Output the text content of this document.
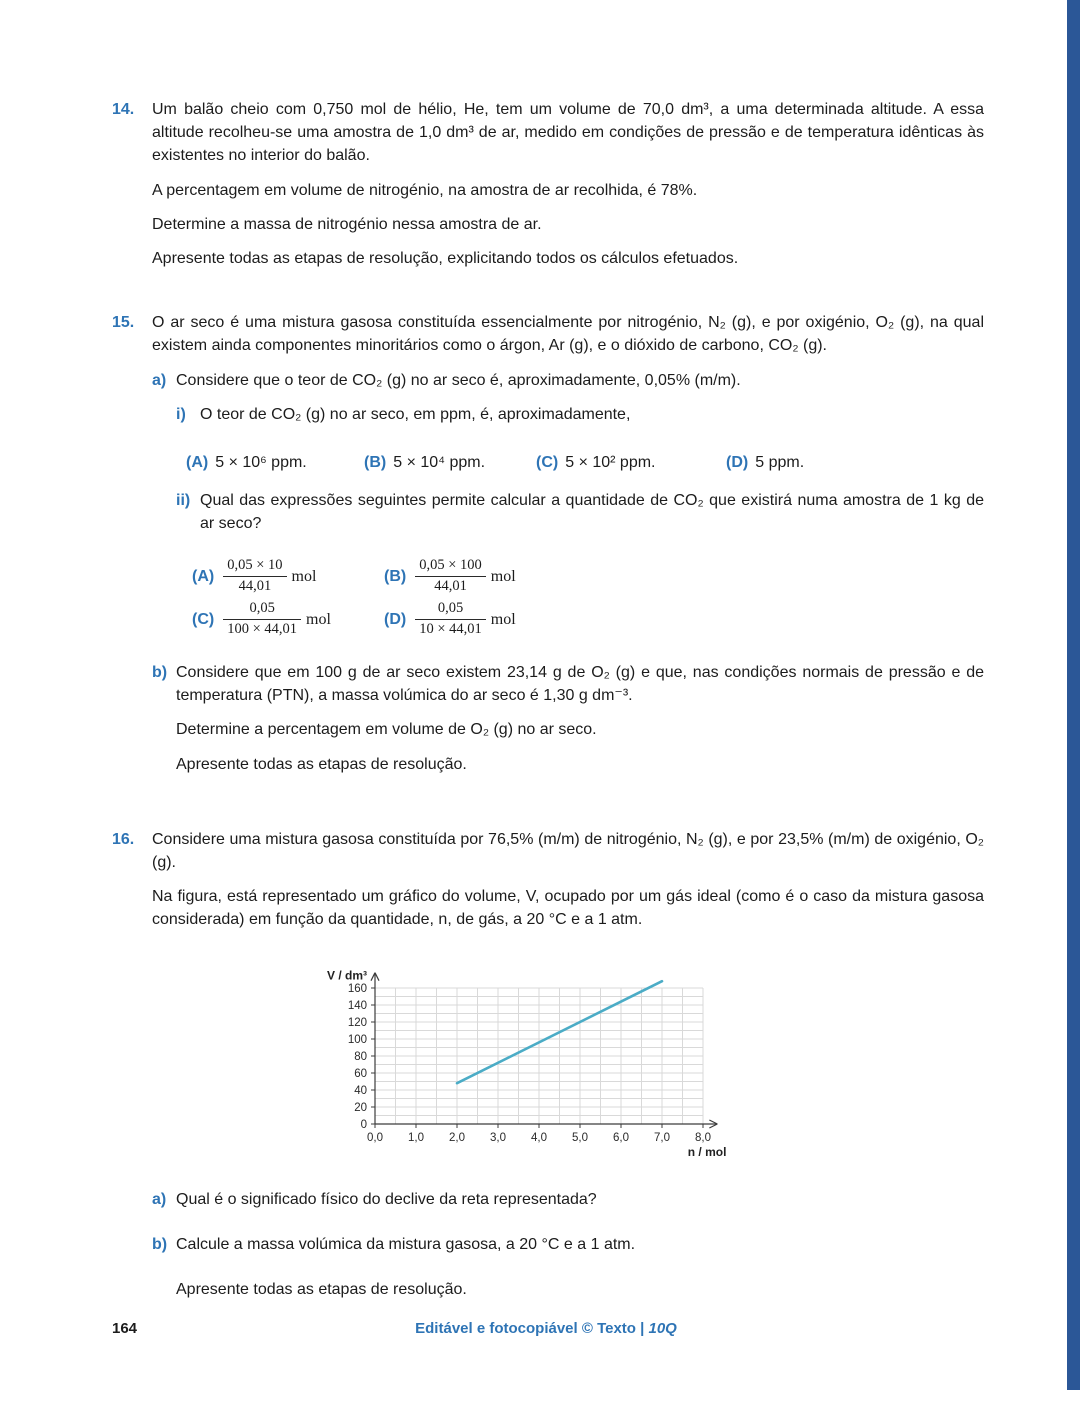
14.	Um balão cheio com 0,750 mol de hélio, He, tem um volume de 70,0 dm³, a uma determinada altitude. A essa altitude recolheu-se uma amostra de 1,0 dm³ de ar, medido em condições de pressão e de temperatura idênticas às existentes no interior do balão.

A percentagem em volume de nitrogénio, na amostra de ar recolhida, é 78%.

Determine a massa de nitrogénio nessa amostra de ar.

Apresente todas as etapas de resolução, explicitando todos os cálculos efetuados.

15.	O ar seco é uma mistura gasosa constituída essencialmente por nitrogénio, N₂ (g), e por oxigénio, O₂ (g), na qual existem ainda componentes minoritários como o árgon, Ar (g), e o dióxido de carbono, CO₂ (g).

a) Considere que o teor de CO₂ (g) no ar seco é, aproximadamente, 0,05% (m/m).

i) O teor de CO₂ (g) no ar seco, em ppm, é, aproximadamente,

(A) 5 × 10⁶ ppm.	(B) 5 × 10⁴ ppm.	(C) 5 × 10² ppm.	(D) 5 ppm.
ii) Qual das expressões seguintes permite calcular a quantidade de CO₂ que existirá numa amostra de 1 kg de ar seco?

$(A) \frac{0,05 \times 10}{44,01}$ mol	$(B) \frac{0,05 \times 100}{44,01}$ mol
$(C) \frac{0,05}{100 \times 44,01}$ mol	$(D) \frac{0,05}{10 \times 44,01}$ mol
b) Considere que em 100 g de ar seco existem 23,14 g de O₂ (g) e que, nas condições normais de pressão e de temperatura (PTN), a massa volúmica do ar seco é 1,30 g dm⁻³.

Determine a percentagem em volume de O₂ (g) no ar seco.

Apresente todas as etapas de resolução.

16.	Considere uma mistura gasosa constituída por 76,5% (m/m) de nitrogénio, N₂ (g), e por 23,5% (m/m) de oxigénio, O₂ (g).

Na figura, está representado um gráfico do volume, V, ocupado por um gás ideal (como é o caso da mistura gasosa considerada) em função da quantidade, n, de gás, a 20 °C e a 1 atm.

0,0 1,0 2,0 3,0 4,0 5,0 6,0 7,0 8,0
0
20
40
60
80
100
120
140
160
V / dm³
n / mol
a) Qual é o significado físico do declive da reta representada?

b) Calcule a massa volúmica da mistura gasosa, a 20 °C e a 1 atm.

Apresente todas as etapas de resolução.

164	Editável e fotocopiável © Texto | 10Q
